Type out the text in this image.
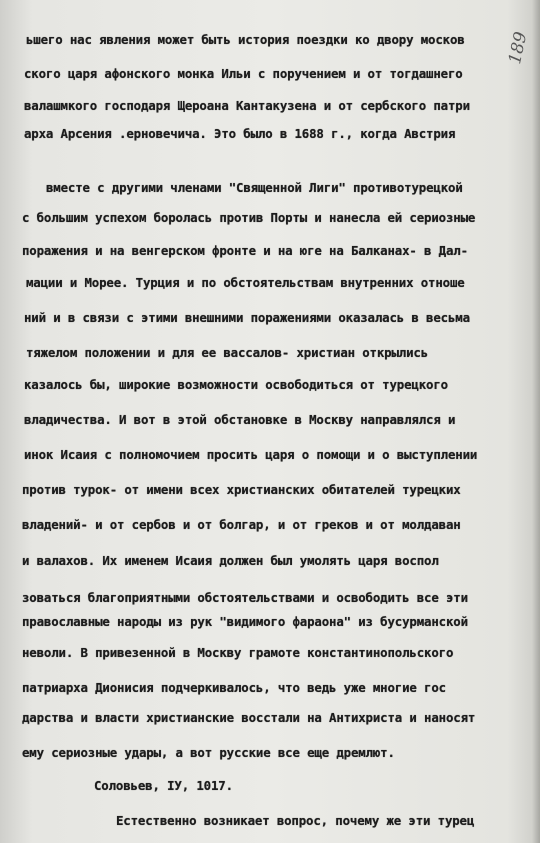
189
ьшего нас явления может быть история поездки ко двору москов
ского царя афонского монка Ильи с поручением и от тогдашнего
валашмкого господаря Щерoана Кантакузена и от сербского патри
арха Арсения .ерновечича. Это было в 1688 г., когда Австрия
вместе с другими членами "Священной Лиги" противотурецкой
с большим успехом боролась против Порты и нанесла ей сериозные
поражения и на венгерском фронте и на юге на Балканах- в Дал-
мации и Морее. Турция и по обстоятельствам внутренних отноше
ний и в связи с этими внешними поражениями оказалась в весьма
тяжелом положении и для ее вассалов- христиан открылись
казалось бы, широкие возможности освободиться от турецкого
владичества. И вот в этой обстановке в Москву направлялся и
инок Исаия с полномочием просить царя о помощи и о выступлении
против турок- от имени всех христианских обитателей турецких
владений- и от сербов и от болгар, и от греков и от молдаван
и валахов. Их именем Исаия должен был умолять царя воспол
зоваться благоприятными обстоятельствами и освободить все эти
православные народы из рук "видимого фараона" из бусурманской
неволи. В привезенной в Москву грамоте константинопольского
патриарха Дионисия подчеркивалось, что ведь уже многие гос
дарства и власти христианские восстали на Антихриста и наносят
ему сериозные удары, а вот русские все еще дремлют.
Соловьев, IУ, 1017.
Естественно возникает вопрос, почему же эти турец
